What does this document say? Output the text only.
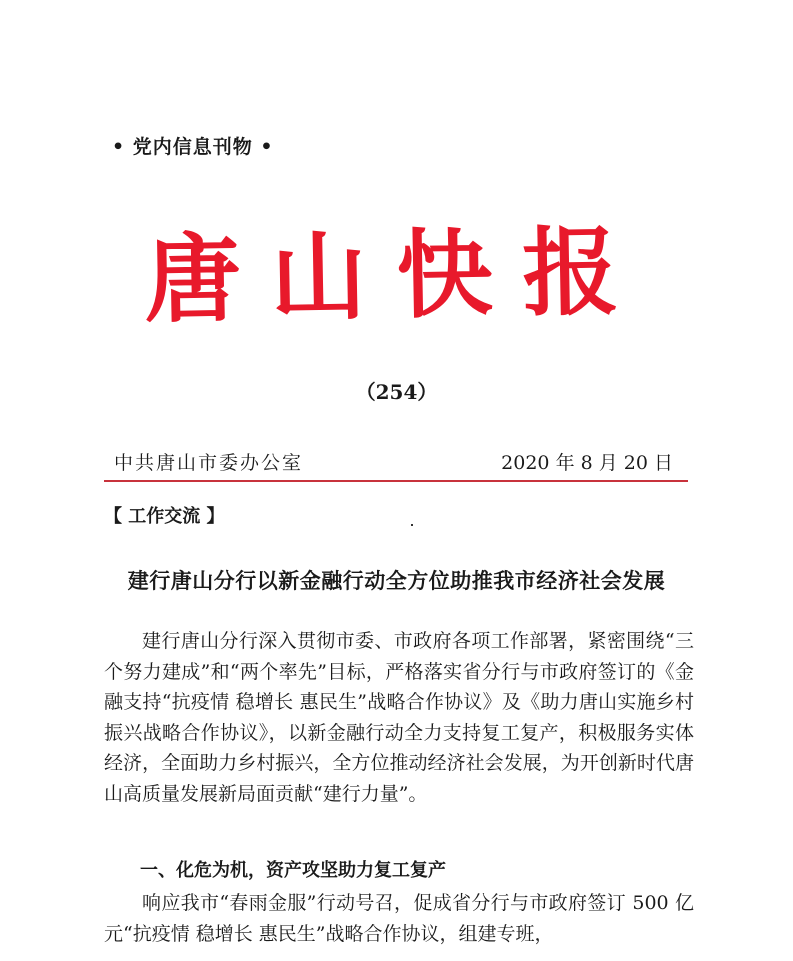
• 党内信息刊物 •
唐山快报
（254）
中共唐山市委办公室	2020 年 8 月 20 日
【 工作交流 】
建行唐山分行以新金融行动全方位助推我市经济社会发展
建行唐山分行深入贯彻市委、市政府各项工作部署，紧密围绕“三个努力建成”和“两个率先”目标，严格落实省分行与市政府签订的《金融支持“抗疫情 稳增长 惠民生”战略合作协议》及《助力唐山实施乡村振兴战略合作协议》，以新金融行动全力支持复工复产，积极服务实体经济，全面助力乡村振兴，全方位推动经济社会发展，为开创新时代唐山高质量发展新局面贡献“建行力量”。
一、化危为机，资产攻坚助力复工复产
响应我市“春雨金服”行动号召，促成省分行与市政府签订 500 亿元“抗疫情 稳增长 惠民生”战略合作协议，组建专班，
